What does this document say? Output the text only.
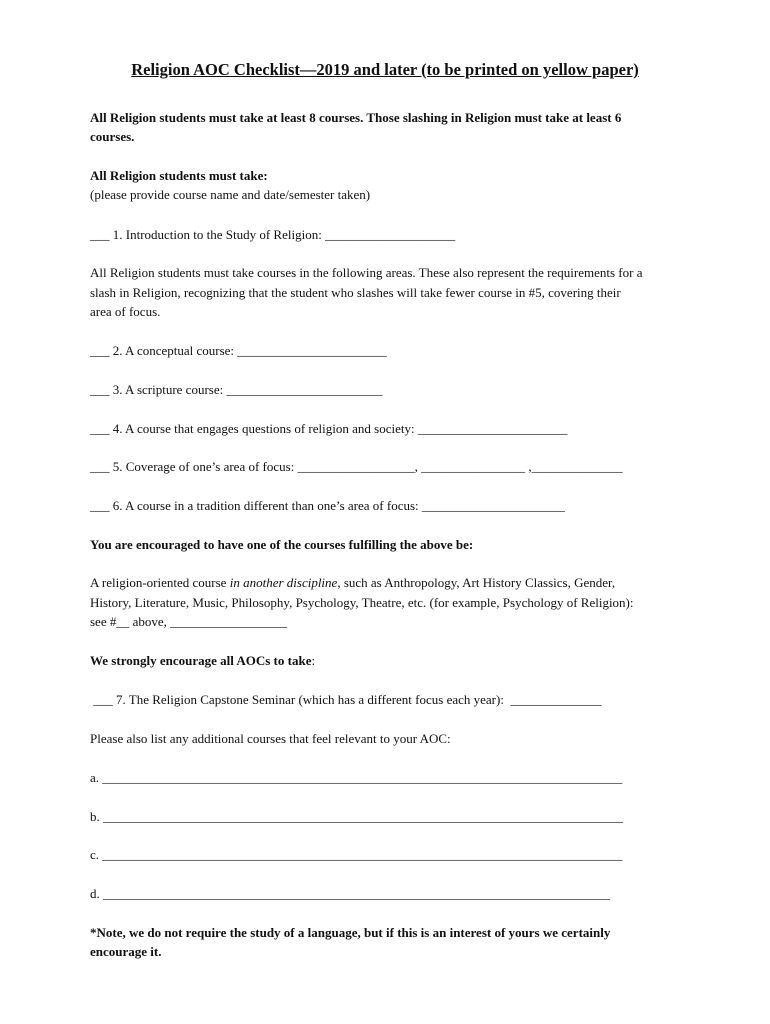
Religion AOC Checklist—2019 and later (to be printed on yellow paper)
All Religion students must take at least 8 courses. Those slashing in Religion must take at least 6
courses.
All Religion students must take:
(please provide course name and date/semester taken)
___ 1. Introduction to the Study of Religion: ____________________
All Religion students must take courses in the following areas. These also represent the requirements for a
slash in Religion, recognizing that the student who slashes will take fewer course in #5, covering their
area of focus.
___ 2. A conceptual course: _______________________
___ 3. A scripture course: ________________________
___ 4. A course that engages questions of religion and society: _______________________
___ 5. Coverage of one’s area of focus: __________________, ________________ ,______________
___ 6. A course in a tradition different than one’s area of focus: ______________________
You are encouraged to have one of the courses fulfilling the above be:
A religion-oriented course in another discipline, such as Anthropology, Art History Classics, Gender,
History, Literature, Music, Philosophy, Psychology, Theatre, etc. (for example, Psychology of Religion):
see #__ above, __________________
We strongly encourage all AOCs to take:
___ 7. The Religion Capstone Seminar (which has a different focus each year):  ______________
Please also list any additional courses that feel relevant to your AOC:
a. ________________________________________________________________________________
b. ________________________________________________________________________________
c. ________________________________________________________________________________
d. ______________________________________________________________________________
*Note, we do not require the study of a language, but if this is an interest of yours we certainly
encourage it.
